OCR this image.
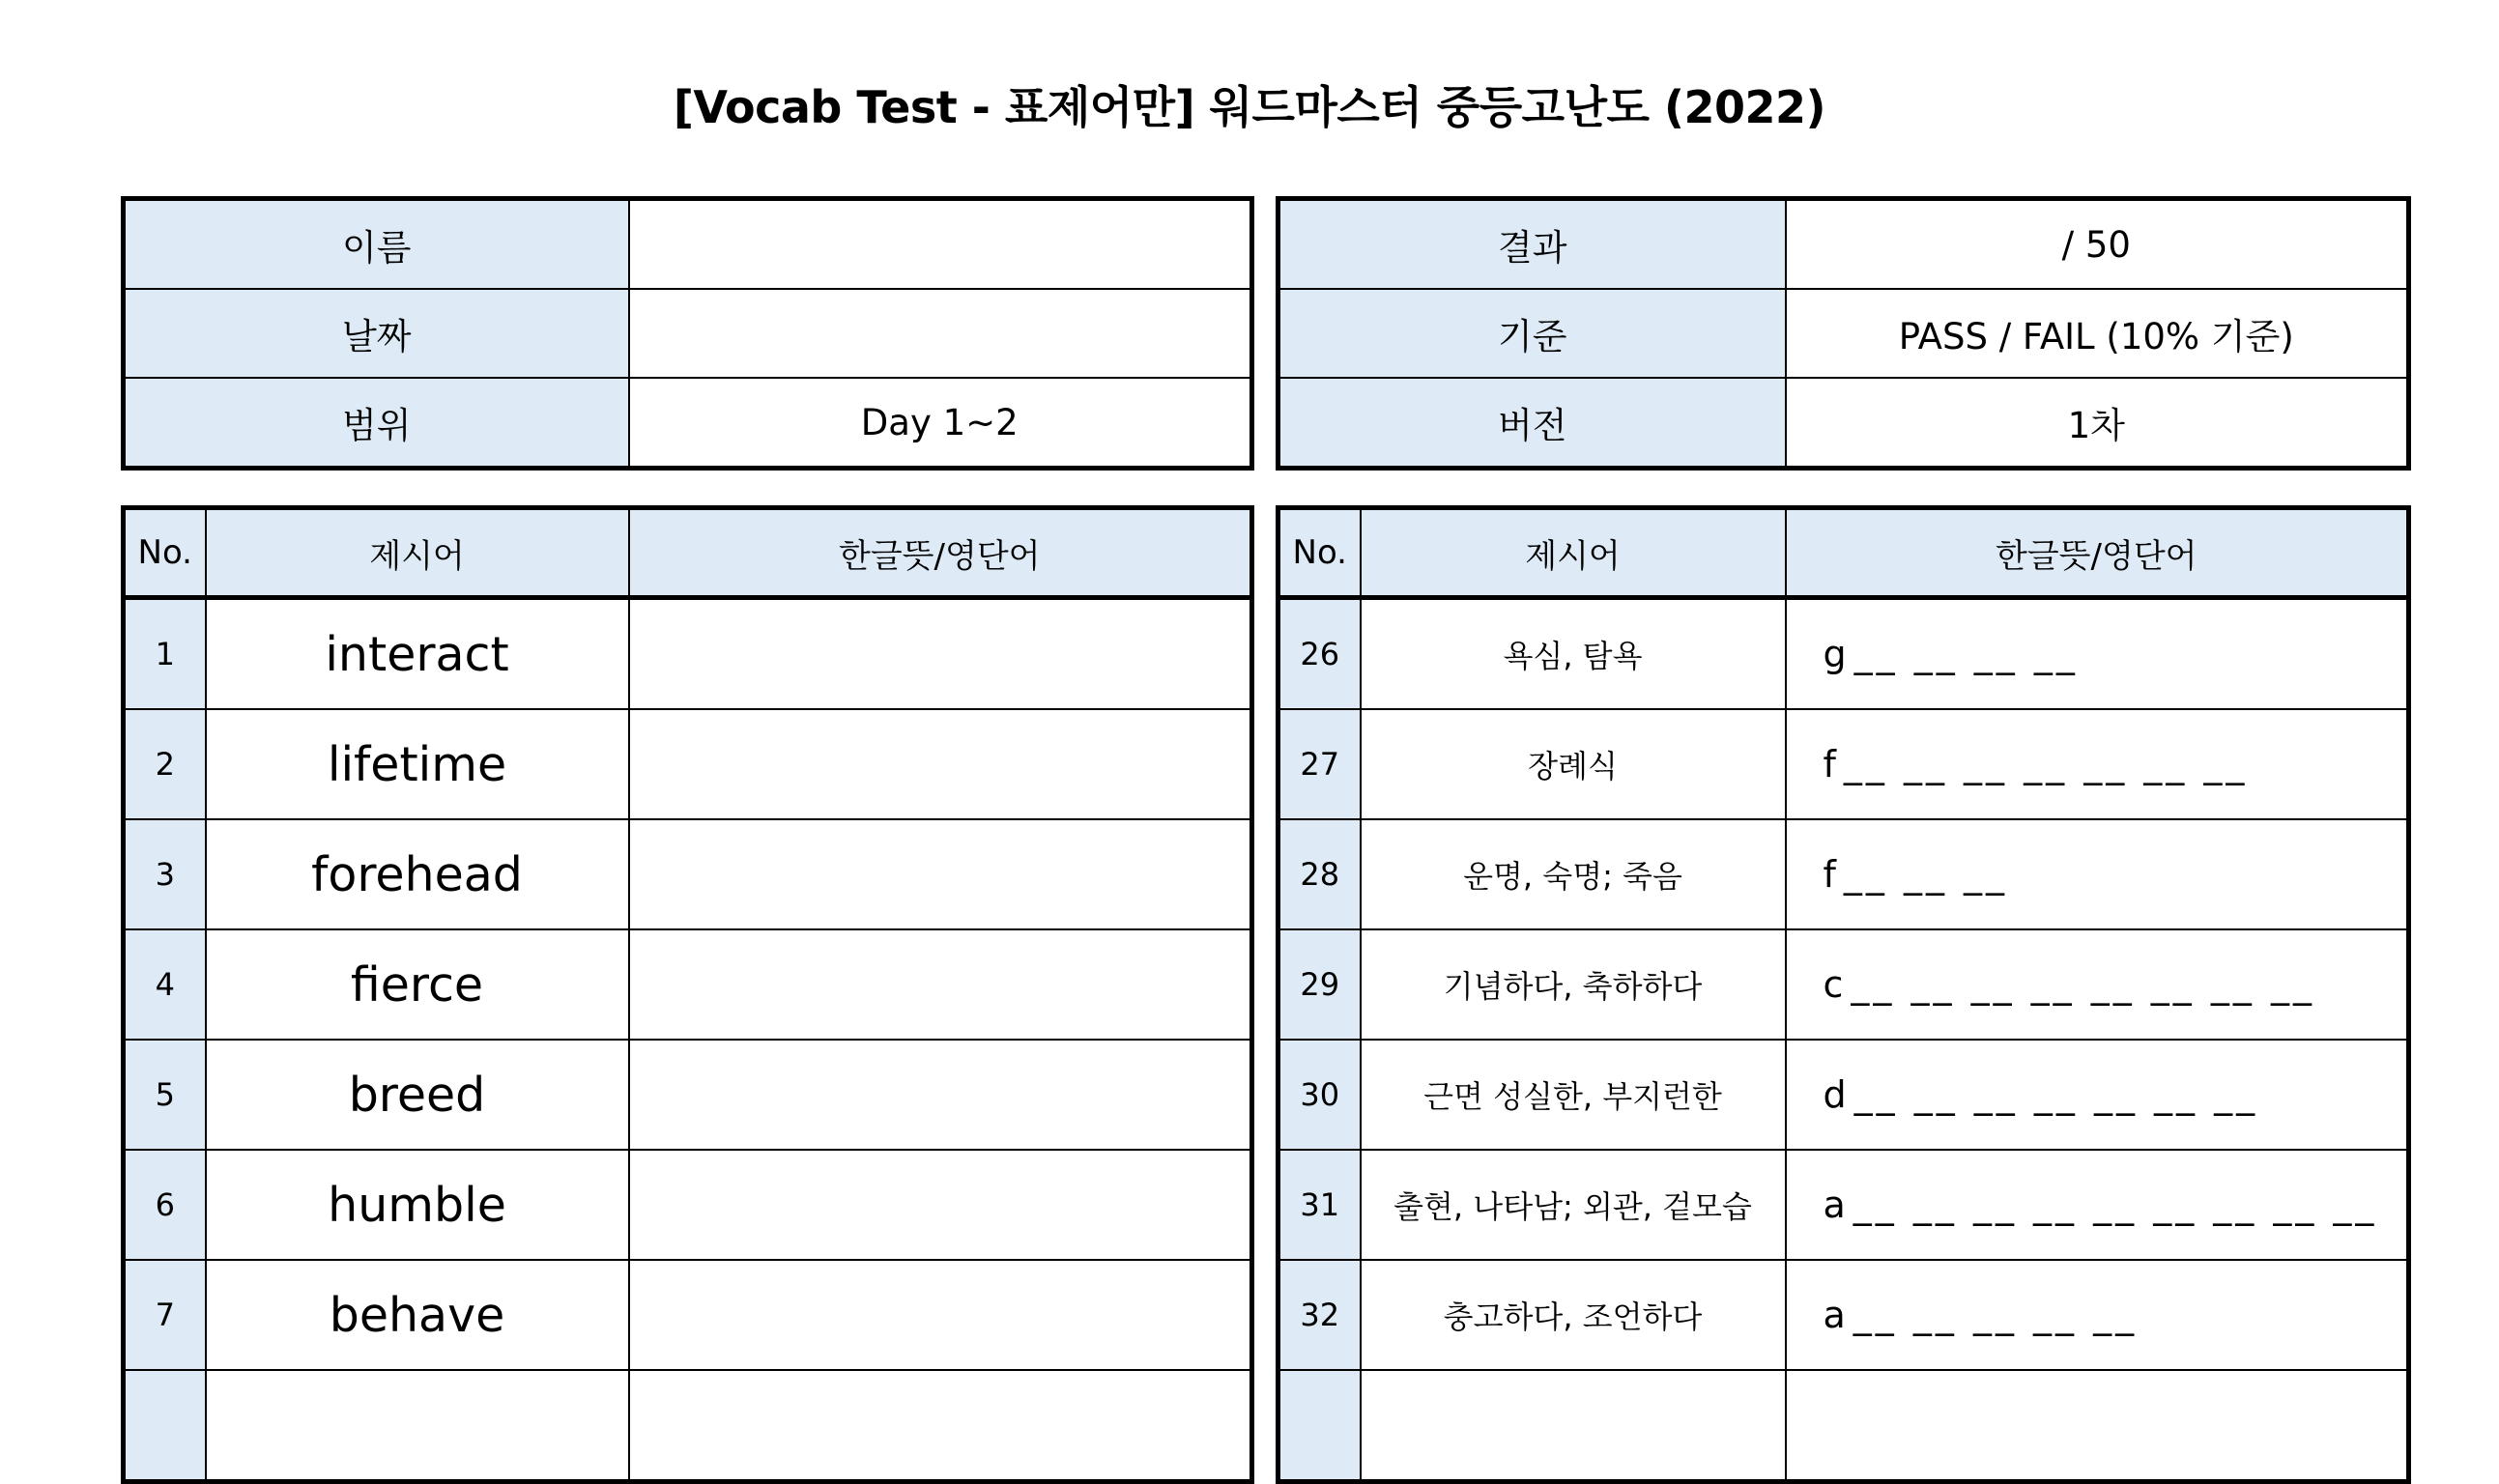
[Vocab Test - 표제어만] 워드마스터 중등고난도 (2022)
이름	
날짜	
범위	Day 1~2
결과	/ 50
기준	PASS / FAIL (10% 기준)
버전	1차
No.	제시어	한글뜻/영단어
1	interact	
2	lifetime	
3	forehead	
4	fierce	
5	breed	
6	humble	
7	behave	

No.	제시어	한글뜻/영단어
26	욕심, 탐욕	g __ __ __ __
27	장례식	f __ __ __ __ __ __ __
28	운명, 숙명; 죽음	f __ __ __
29	기념하다, 축하하다	c __ __ __ __ __ __ __ __
30	근면 성실한, 부지런한	d __ __ __ __ __ __ __
31	출현, 나타남; 외관, 겉모습	a __ __ __ __ __ __ __ __ __
32	충고하다, 조언하다	a __ __ __ __ __
